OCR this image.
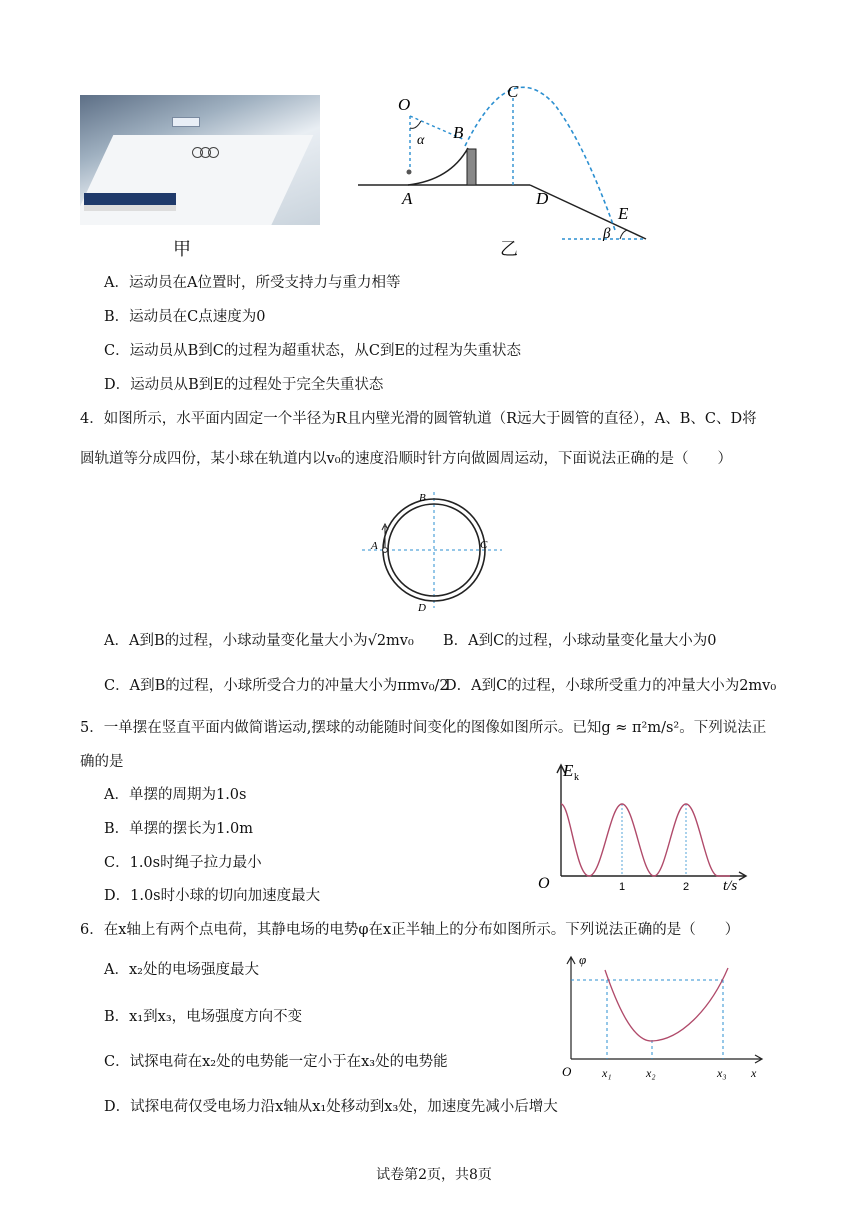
甲
O
α B
C
A	D
E
β
乙
A．运动员在A位置时，所受支持力与重力相等
B．运动员在C点速度为0
C．运动员从B到C的过程为超重状态，从C到E的过程为失重状态
D．运动员从B到E的过程处于完全失重状态
4．如图所示，水平面内固定一个半径为R且内壁光滑的圆管轨道（R远大于圆管的直径），A、B、C、D将
圆轨道等分成四份，某小球在轨道内以v₀的速度沿顺时针方向做圆周运动，下面说法正确的是（　　）
B
C
A
D
A．A到B的过程，小球动量变化量大小为√2mv₀ B．A到C的过程，小球动量变化量大小为0
C．A到B的过程，小球所受合力的冲量大小为πmv₀/2
D．A到C的过程，小球所受重力的冲量大小为2mv₀
5．一单摆在竖直平面内做简谐运动,摆球的动能随时间变化的图像如图所示。已知g ≈ π²m/s²。下列说法正
确的是
A．单摆的周期为1.0s
B．单摆的摆长为1.0m
C．1.0s时绳子拉力最小
D．1.0s时小球的切向加速度最大
E k
O	1	2 t/s
6．在x轴上有两个点电荷，其静电场的电势φ在x正半轴上的分布如图所示。下列说法正确的是（　　）
A．x₂处的电场强度最大
B．x₁到x₃，电场强度方向不变
C．试探电荷在x₂处的电势能一定小于在x₃处的电势能
D．试探电荷仅受电场力沿x轴从x₁处移动到x₃处，加速度先减小后增大
φ
O	x₁	x₂	x₃ x
试卷第2页，共8页
